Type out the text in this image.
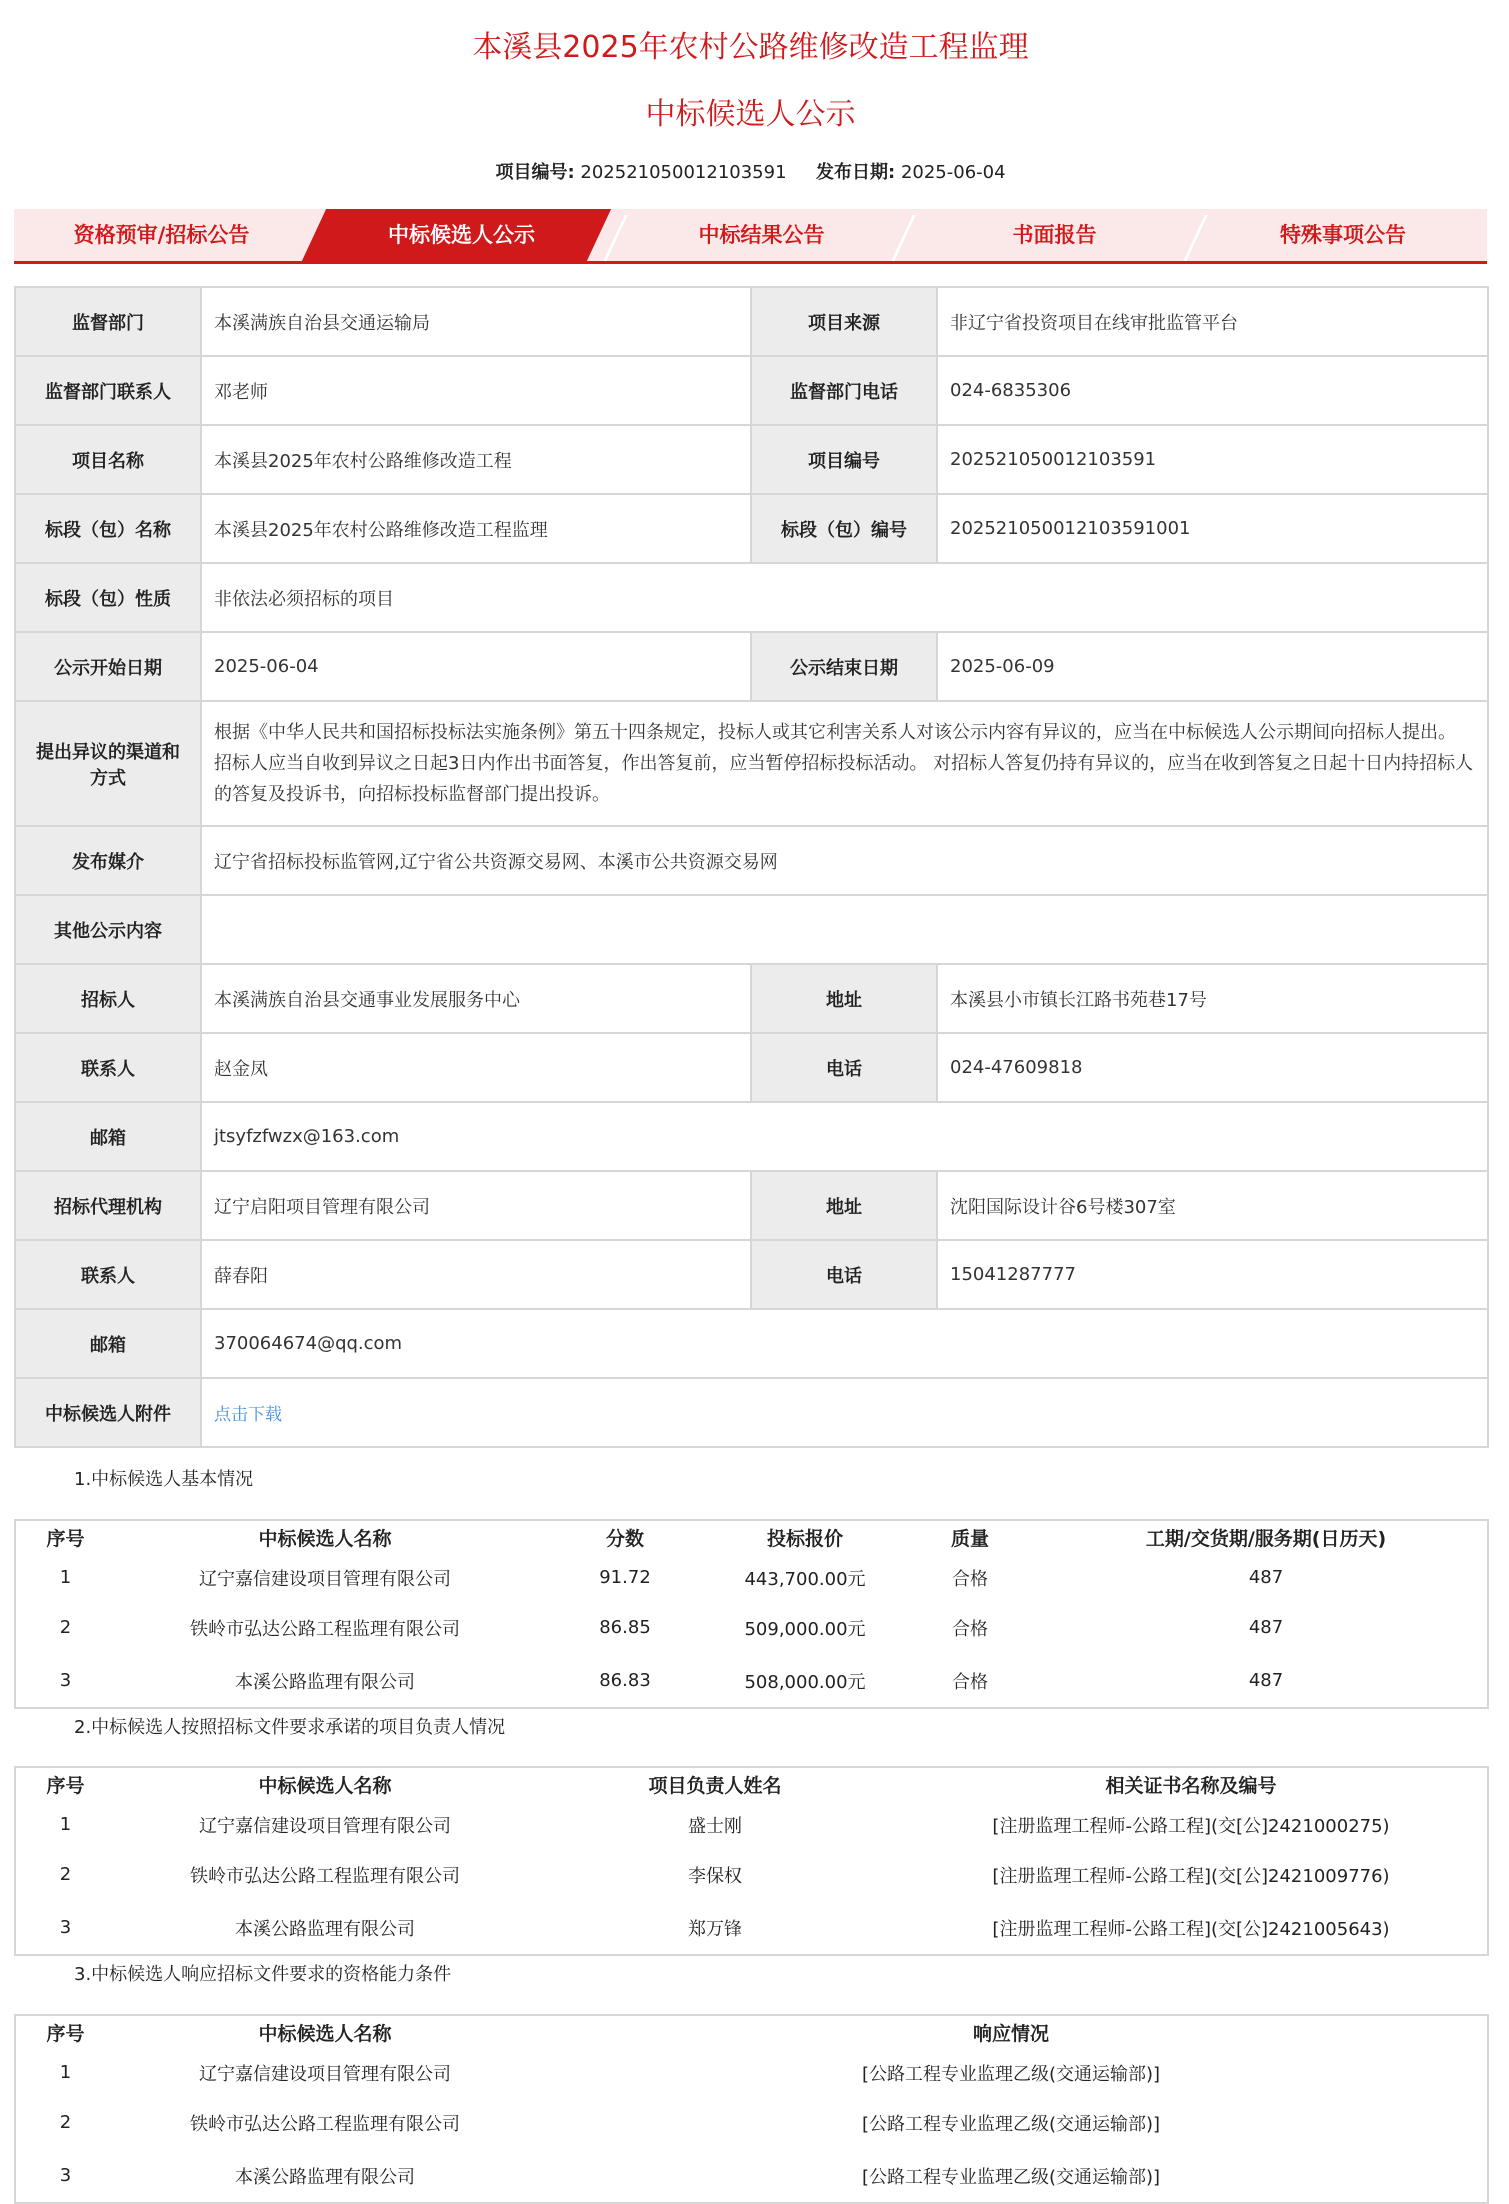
本溪县2025年农村公路维修改造工程监理
中标候选人公示
项目编号: 202521050012103591 发布日期: 2025-06-04
资格预审/招标公告	中标候选人公示	中标结果公告	书面报告	特殊事项公告
监督部门	本溪满族自治县交通运输局	项目来源	非辽宁省投资项目在线审批监管平台
监督部门联系人	邓老师	监督部门电话	024-6835306
项目名称	本溪县2025年农村公路维修改造工程	项目编号	202521050012103591
标段（包）名称	本溪县2025年农村公路维修改造工程监理	标段（包）编号	202521050012103591001
标段（包）性质	非依法必须招标的项目		
公示开始日期	2025-06-04	公示结束日期	2025-06-09

提出异议的渠道和
方式	根据《中华人民共和国招标投标法实施条例》第五十四条规定，投标人或其它利害关系人对该公示内容有异议的，应当在中标候选人公示期间向招标人提出。 招标人应当自收到异议之日起3日内作出书面答复，作出答复前，应当暂停招标投标活动。 对招标人答复仍持有异议的，应当在收到答复之日起十日内持招标人的答复及投诉书，向招标投标监督部门提出投诉。		
发布媒介	辽宁省招标投标监管网,辽宁省公共资源交易网、本溪市公共资源交易网		
其他公示内容			
招标人	本溪满族自治县交通事业发展服务中心	地址	本溪县小市镇长江路书苑巷17号
联系人	赵金凤	电话	024-47609818
邮箱	jtsyfzfwzx@163.com		
招标代理机构	辽宁启阳项目管理有限公司	地址	沈阳国际设计谷6号楼307室
联系人	薛春阳	电话	15041287777
邮箱	370064674@qq.com		
中标候选人附件	点击下载		
1.中标候选人基本情况
序号	中标候选人名称	分数	投标报价	质量	工期/交货期/服务期(日历天)
1	辽宁嘉信建设项目管理有限公司	91.72	443,700.00元	合格	487
2	铁岭市弘达公路工程监理有限公司	86.85	509,000.00元	合格	487
3	本溪公路监理有限公司	86.83	508,000.00元	合格	487
2.中标候选人按照招标文件要求承诺的项目负责人情况
序号	中标候选人名称	项目负责人姓名	相关证书名称及编号
1	辽宁嘉信建设项目管理有限公司	盛士刚	[注册监理工程师-公路工程](交[公]2421000275)
2	铁岭市弘达公路工程监理有限公司	李保权	[注册监理工程师-公路工程](交[公]2421009776)
3	本溪公路监理有限公司	郑万锋	[注册监理工程师-公路工程](交[公]2421005643)
3.中标候选人响应招标文件要求的资格能力条件
序号	中标候选人名称	响应情况
1	辽宁嘉信建设项目管理有限公司	[公路工程专业监理乙级(交通运输部)]
2	铁岭市弘达公路工程监理有限公司	[公路工程专业监理乙级(交通运输部)]
3	本溪公路监理有限公司	[公路工程专业监理乙级(交通运输部)]
